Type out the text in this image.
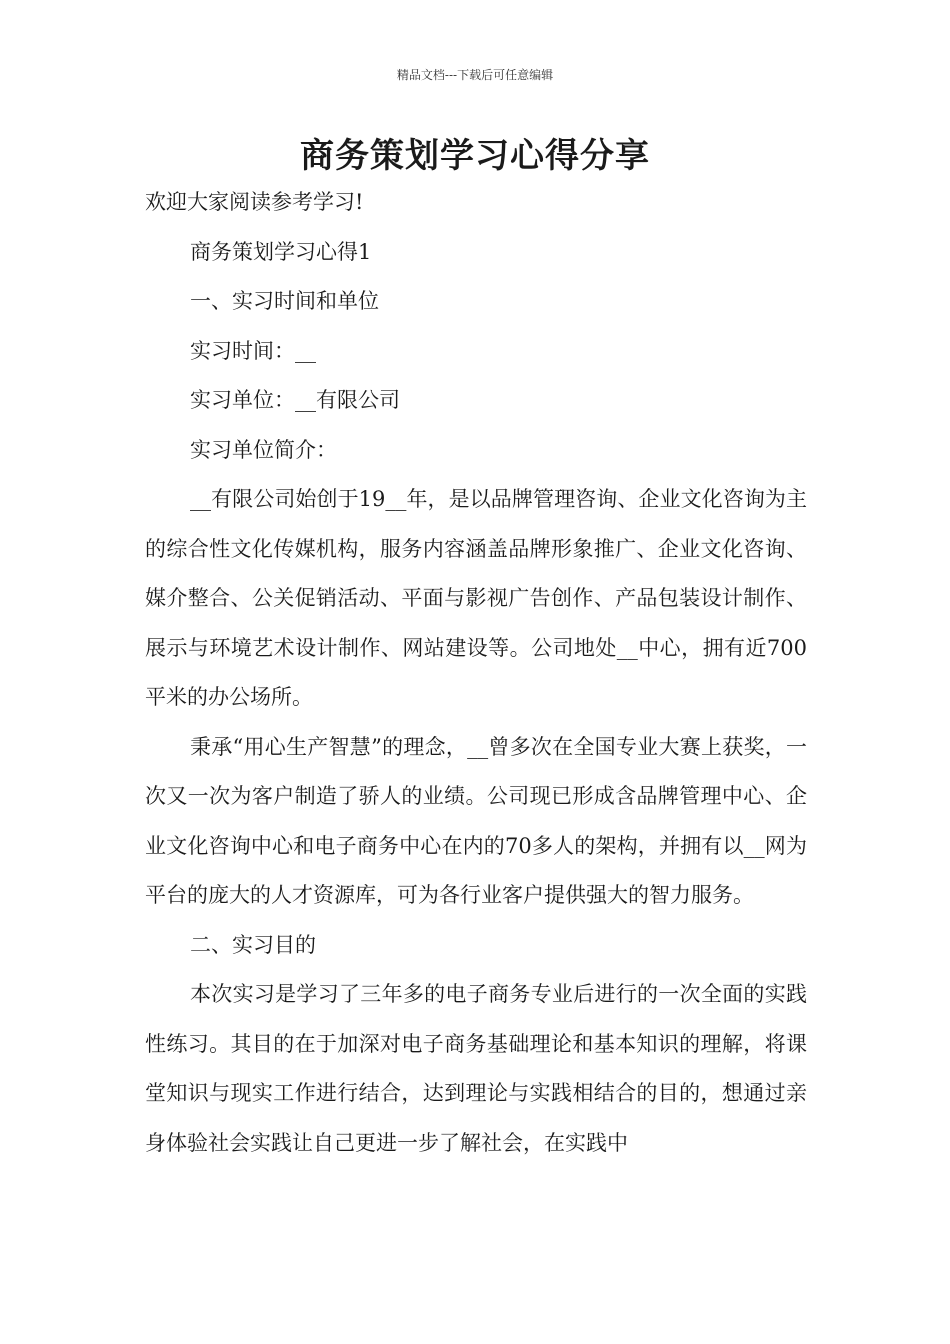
精品文档---下载后可任意编辑
商务策划学习心得分享

欢迎大家阅读参考学习!

商务策划学习心得1

一、实习时间和单位

实习时间：__

实习单位：__有限公司

实习单位简介：

__有限公司始创于19__年，是以品牌管理咨询、企业文化咨询为主的综合性文化传媒机构，服务内容涵盖品牌形象推广、企业文化咨询、媒介整合、公关促销活动、平面与影视广告创作、产品包装设计制作、展示与环境艺术设计制作、网站建设等。公司地处__中心，拥有近700平米的办公场所。

秉承“用心生产智慧”的理念，__曾多次在全国专业大赛上获奖，一次又一次为客户制造了骄人的业绩。公司现已形成含品牌管理中心、企业文化咨询中心和电子商务中心在内的70多人的架构，并拥有以__网为平台的庞大的人才资源库，可为各行业客户提供强大的智力服务。

二、实习目的

本次实习是学习了三年多的电子商务专业后进行的一次全面的实践性练习。其目的在于加深对电子商务基础理论和基本知识的理解，将课堂知识与现实工作进行结合，达到理论与实践相结合的目的，想通过亲身体验社会实践让自己更进一步了解社会，在实践中
